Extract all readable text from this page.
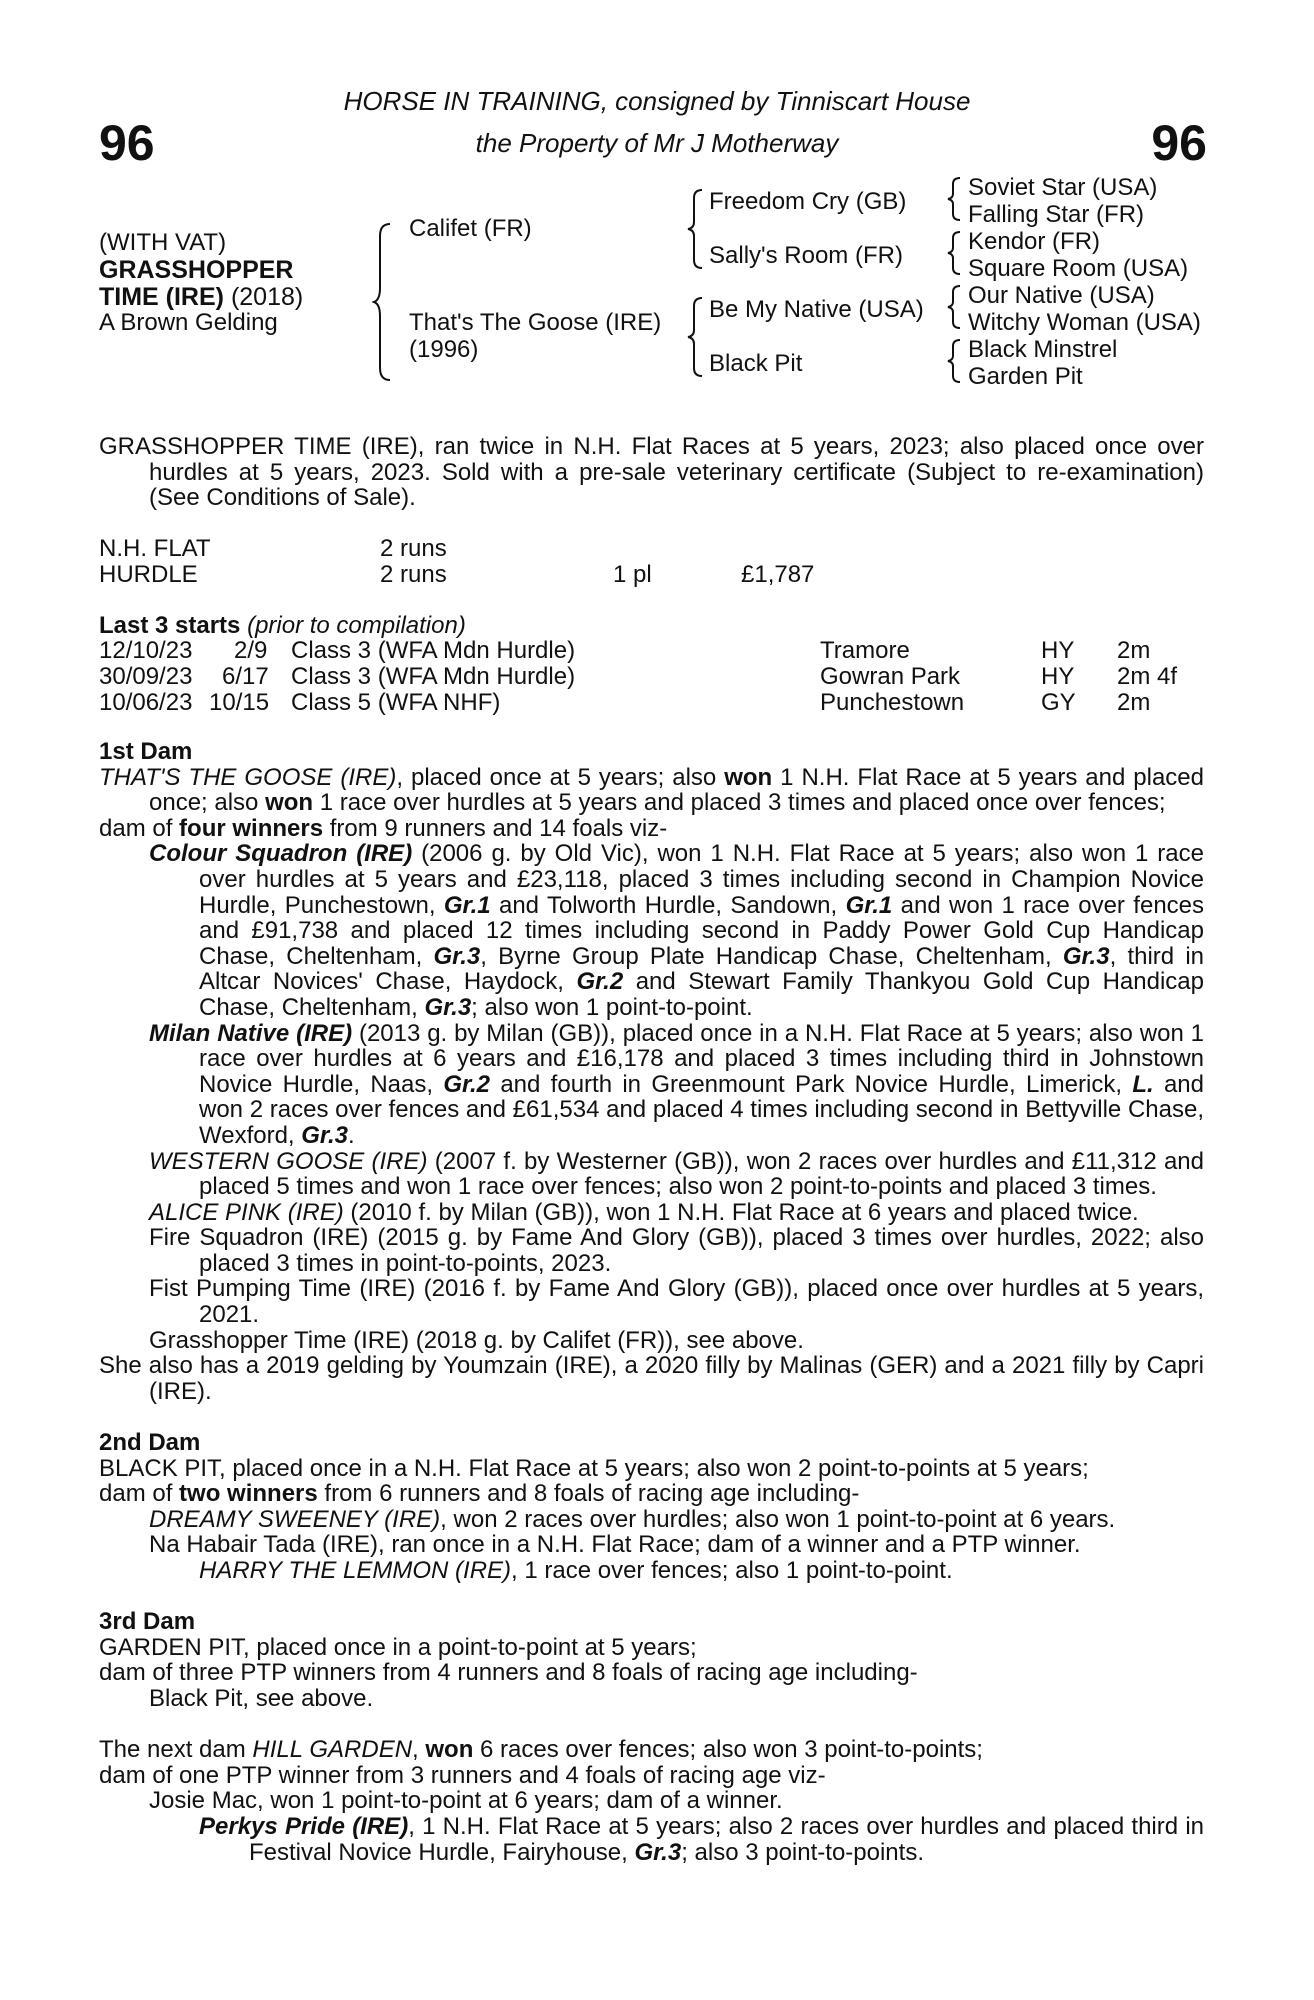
96	96
HORSE IN TRAINING, consigned by Tinniscart House
the Property of Mr J Motherway
(WITH VAT)
GRASSHOPPER
TIME (IRE) (2018)
A Brown Gelding
Califet (FR)
That's The Goose (IRE)
(1996)
Freedom Cry (GB)
Sally's Room (FR)
Be My Native (USA)
Black Pit
Soviet Star (USA)
Falling Star (FR)
Kendor (FR)
Square Room (USA)
Our Native (USA)
Witchy Woman (USA)
Black Minstrel
Garden Pit

GRASSHOPPER TIME (IRE), ran twice in N.H. Flat Races at 5 years, 2023; also placed once over hurdles at 5 years, 2023. Sold with a pre-sale veterinary certificate (Subject to re-examination) (See Conditions of Sale).

N.H. FLAT	2 runs
HURDLE	2 runs	1 pl	£1,787
Last 3 starts (prior to compilation)
12/10/23 2/9 Class 3 (WFA Mdn Hurdle)	Tramore	HY 2m
30/09/23 6/17 Class 3 (WFA Mdn Hurdle)	Gowran Park	HY 2m 4f
10/06/23 10/15 Class 5 (WFA NHF)	Punchestown	GY 2m

1st Dam

THAT'S THE GOOSE (IRE), placed once at 5 years; also won 1 N.H. Flat Race at 5 years and placed once; also won 1 race over hurdles at 5 years and placed 3 times and placed once over fences;

dam of four winners from 9 runners and 14 foals viz-

Colour Squadron (IRE) (2006 g. by Old Vic), won 1 N.H. Flat Race at 5 years; also won 1 race over hurdles at 5 years and £23,118, placed 3 times including second in Champion Novice Hurdle, Punchestown, Gr.1 and Tolworth Hurdle, Sandown, Gr.1 and won 1 race over fences and £91,738 and placed 12 times including second in Paddy Power Gold Cup Handicap Chase, Cheltenham, Gr.3, Byrne Group Plate Handicap Chase, Cheltenham, Gr.3, third in Altcar Novices' Chase, Haydock, Gr.2 and Stewart Family Thankyou Gold Cup Handicap Chase, Cheltenham, Gr.3; also won 1 point-to-point.

Milan Native (IRE) (2013 g. by Milan (GB)), placed once in a N.H. Flat Race at 5 years; also won 1 race over hurdles at 6 years and £16,178 and placed 3 times including third in Johnstown Novice Hurdle, Naas, Gr.2 and fourth in Greenmount Park Novice Hurdle, Limerick, L. and won 2 races over fences and £61,534 and placed 4 times including second in Bettyville Chase, Wexford, Gr.3.

WESTERN GOOSE (IRE) (2007 f. by Westerner (GB)), won 2 races over hurdles and £11,312 and placed 5 times and won 1 race over fences; also won 2 point-to-points and placed 3 times.

ALICE PINK (IRE) (2010 f. by Milan (GB)), won 1 N.H. Flat Race at 6 years and placed twice.

Fire Squadron (IRE) (2015 g. by Fame And Glory (GB)), placed 3 times over hurdles, 2022; also placed 3 times in point-to-points, 2023.

Fist Pumping Time (IRE) (2016 f. by Fame And Glory (GB)), placed once over hurdles at 5 years, 2021.

Grasshopper Time (IRE) (2018 g. by Califet (FR)), see above.

She also has a 2019 gelding by Youmzain (IRE), a 2020 filly by Malinas (GER) and a 2021 filly by Capri (IRE).

2nd Dam

BLACK PIT, placed once in a N.H. Flat Race at 5 years; also won 2 point-to-points at 5 years;

dam of two winners from 6 runners and 8 foals of racing age including-

DREAMY SWEENEY (IRE), won 2 races over hurdles; also won 1 point-to-point at 6 years.

Na Habair Tada (IRE), ran once in a N.H. Flat Race; dam of a winner and a PTP winner.

HARRY THE LEMMON (IRE), 1 race over fences; also 1 point-to-point.

3rd Dam

GARDEN PIT, placed once in a point-to-point at 5 years;

dam of three PTP winners from 4 runners and 8 foals of racing age including-

Black Pit, see above.

The next dam HILL GARDEN, won 6 races over fences; also won 3 point-to-points;

dam of one PTP winner from 3 runners and 4 foals of racing age viz-

Josie Mac, won 1 point-to-point at 6 years; dam of a winner.

Perkys Pride (IRE), 1 N.H. Flat Race at 5 years; also 2 races over hurdles and placed third in Festival Novice Hurdle, Fairyhouse, Gr.3; also 3 point-to-points.
